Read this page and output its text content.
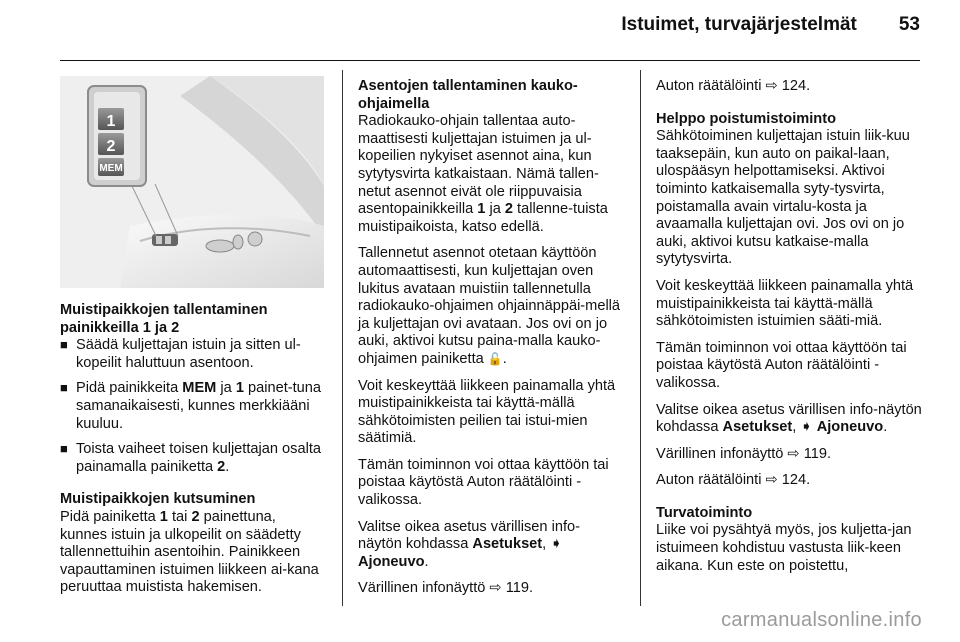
Istuimet, turvajärjestelmät 53
1
2
MEM
Muistipaikkojen tallentaminen painikkeilla 1 ja 2
■ Säädä kuljettajan istuin ja sitten ul-kopeilit haluttuun asentoon.
■ Pidä painikkeita MEM ja 1 painet-tuna samanaikaisesti, kunnes merkkiääni kuuluu.
■ Toista vaiheet toisen kuljettajan osalta painamalla painiketta 2.
Muistipaikkojen kutsuminen

Pidä painiketta 1 tai 2 painettuna, kunnes istuin ja ulkopeilit on säädetty tallennettuihin asentoihin. Painikkeen vapauttaminen istuimen liikkeen ai-kana peruuttaa muistista hakemisen.

Asentojen tallentaminen kauko-ohjaimella

Radiokauko-ohjain tallentaa auto-maattisesti kuljettajan istuimen ja ul-kopeilien nykyiset asennot aina, kun sytytysvirta katkaistaan. Nämä tallen-netut asennot eivät ole riippuvaisia asentopainikkeilla 1 ja 2 tallenne-tuista muistipaikoista, katso edellä.

Tallennetut asennot otetaan käyttöön automaattisesti, kun kuljettajan oven lukitus avataan muistiin tallennetulla radiokauko-ohjaimen ohjainnäppäi-mellä ja kuljettajan ovi avataan. Jos ovi on jo auki, aktivoi kutsu paina-malla kauko-ohjaimen painiketta 🔓.

Voit keskeyttää liikkeen painamalla yhtä muistipainikkeista tai käyttä-mällä sähkötoimisten peilien tai istui-mien säätimiä.

Tämän toiminnon voi ottaa käyttöön tai poistaa käytöstä Auton räätälöinti -valikossa.

Valitse oikea asetus värillisen info-näytön kohdassa Asetukset, ➧ Ajoneuvo.

Värillinen infonäyttö ⇨ 119.

Auton räätälöinti ⇨ 124.

Helppo poistumistoiminto

Sähkötoiminen kuljettajan istuin liik-kuu taaksepäin, kun auto on paikal-laan, ulospääsyn helpottamiseksi. Aktivoi toiminto katkaisemalla syty-tysvirta, poistamalla avain virtalu-kosta ja avaamalla kuljettajan ovi. Jos ovi on jo auki, aktivoi kutsu katkaise-malla sytytysvirta.

Voit keskeyttää liikkeen painamalla yhtä muistipainikkeista tai käyttä-mällä sähkötoimisten istuimien sääti-miä.

Tämän toiminnon voi ottaa käyttöön tai poistaa käytöstä Auton räätälöinti -valikossa.

Valitse oikea asetus värillisen info-näytön kohdassa Asetukset, ➧ Ajoneuvo.

Värillinen infonäyttö ⇨ 119.

Auton räätälöinti ⇨ 124.

Turvatoiminto

Liike voi pysähtyä myös, jos kuljetta-jan istuimeen kohdistuu vastusta liik-keen aikana. Kun este on poistettu,

carmanualsonline.info
